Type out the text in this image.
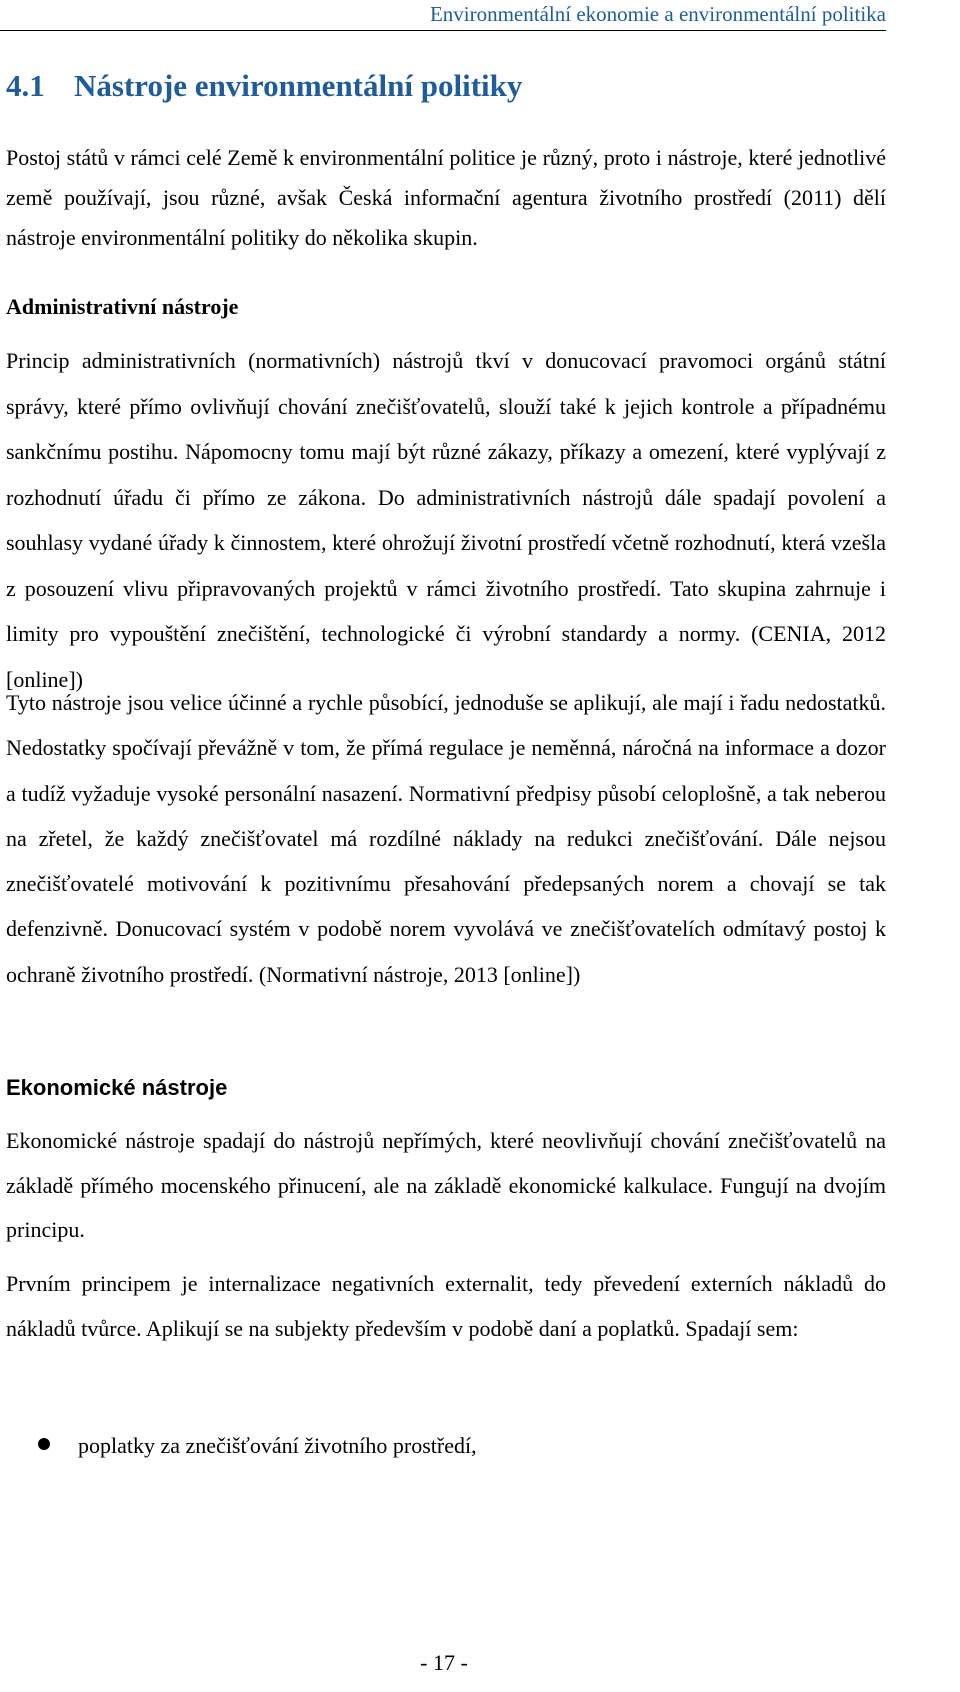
Environmentální ekonomie a environmentální politika
4.1 Nástroje environmentální politiky

Postoj států v rámci celé Země k environmentální politice je různý, proto i nástroje, které jednotlivé země používají, jsou různé, avšak Česká informační agentura životního prostředí (2011) dělí nástroje environmentální politiky do několika skupin.

Administrativní nástroje

Princip administrativních (normativních) nástrojů tkví v donucovací pravomoci orgánů státní správy, které přímo ovlivňují chování znečišťovatelů, slouží také k jejich kontrole a případnému sankčnímu postihu. Nápomocny tomu mají být různé zákazy, příkazy a omezení, které vyplývají z rozhodnutí úřadu či přímo ze zákona. Do administrativních nástrojů dále spadají povolení a souhlasy vydané úřady k činnostem, které ohrožují životní prostředí včetně rozhodnutí, která vzešla z posouzení vlivu připravovaných projektů v rámci životního prostředí. Tato skupina zahrnuje i limity pro vypouštění znečištění, technologické či výrobní standardy a normy. (CENIA, 2012 [online])

Tyto nástroje jsou velice účinné a rychle působící, jednoduše se aplikují, ale mají i řadu nedostatků. Nedostatky spočívají převážně v tom, že přímá regulace je neměnná, náročná na informace a dozor a tudíž vyžaduje vysoké personální nasazení. Normativní předpisy působí celoplošně, a tak neberou na zřetel, že každý znečišťovatel má rozdílné náklady na redukci znečišťování. Dále nejsou znečišťovatelé motivování k pozitivnímu přesahování předepsaných norem a chovají se tak defenzivně. Donucovací systém v podobě norem vyvolává ve znečišťovatelích odmítavý postoj k ochraně životního prostředí. (Normativní nástroje, 2013 [online])

Ekonomické nástroje

Ekonomické nástroje spadají do nástrojů nepřímých, které neovlivňují chování znečišťovatelů na základě přímého mocenského přinucení, ale na základě ekonomické kalkulace. Fungují na dvojím principu.

Prvním principem je internalizace negativních externalit, tedy převedení externích nákladů do nákladů tvůrce. Aplikují se na subjekty především v podobě daní a poplatků. Spadají sem:

poplatky za znečišťování životního prostředí,
- 17 -
